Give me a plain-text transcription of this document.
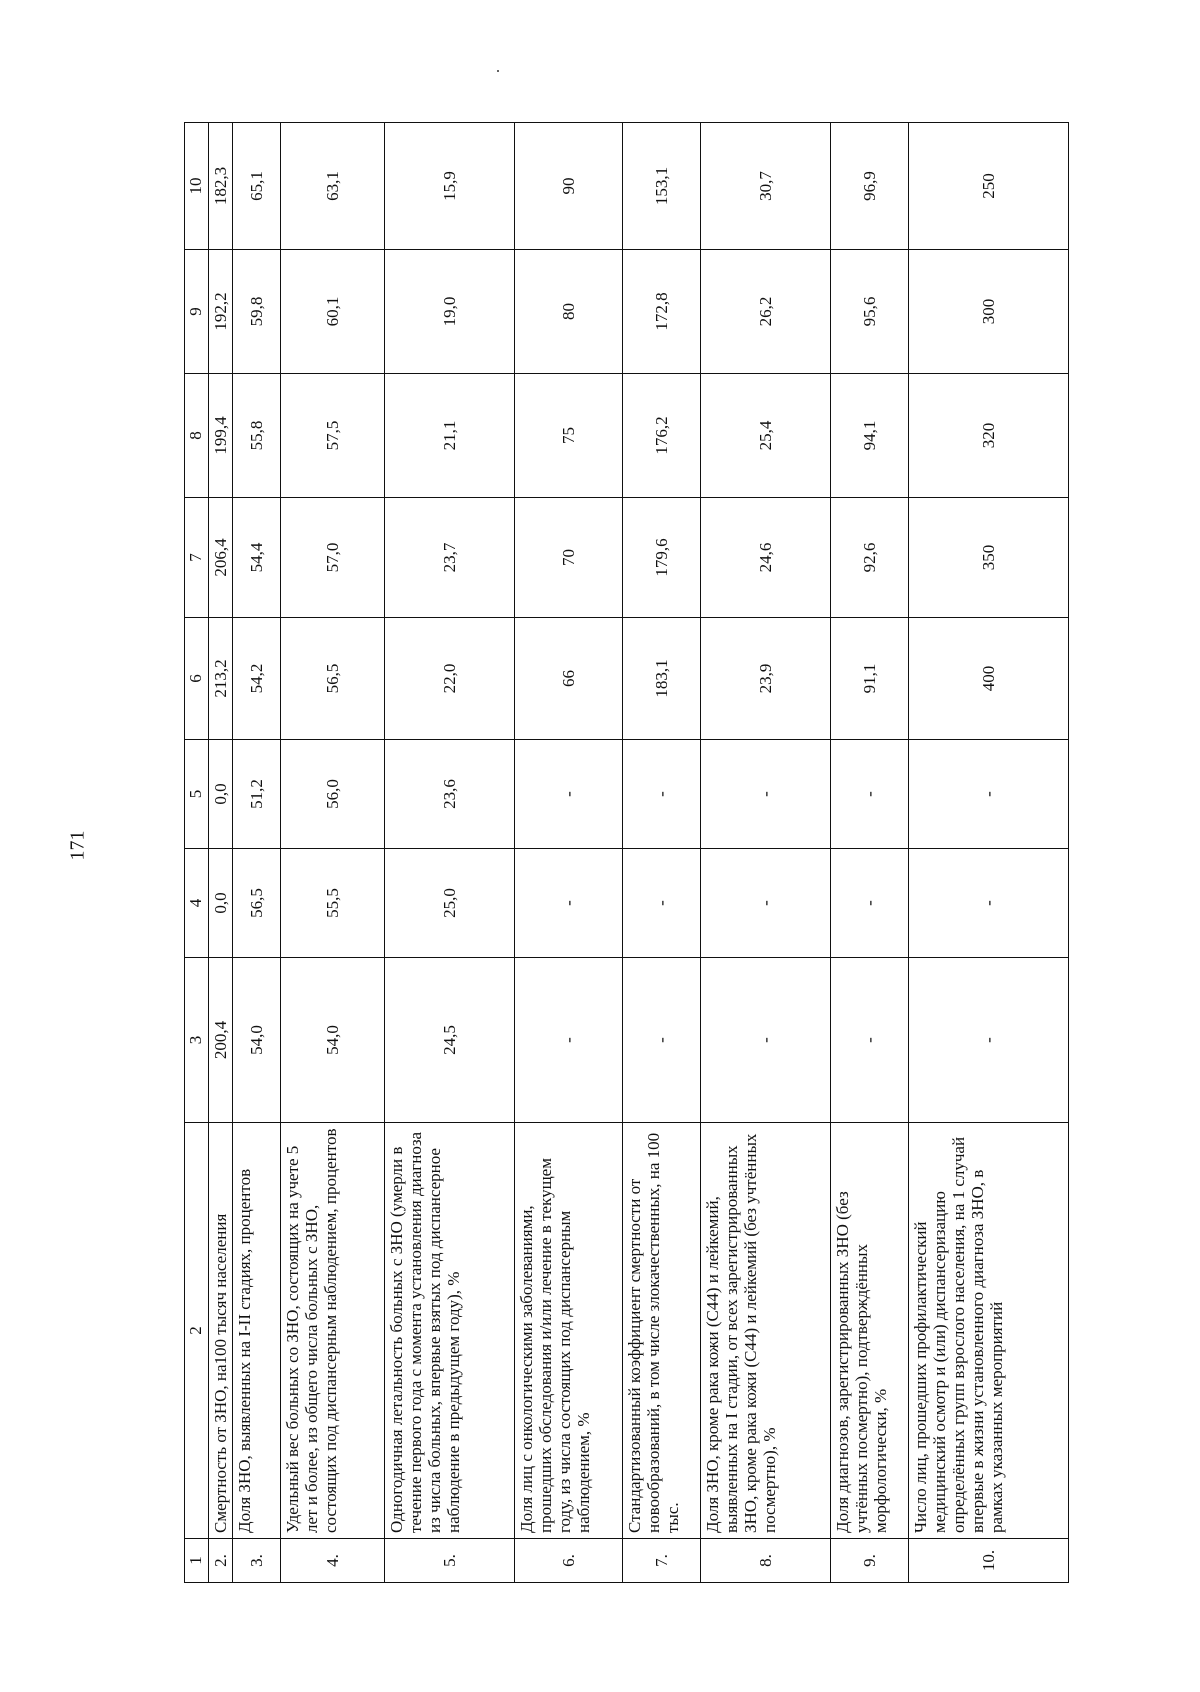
171
1	2	3	4	5	6	7	8	9	10
2.	Смертность от ЗНО, на100 тысяч населения	200,4	0,0	0,0	213,2	206,4	199,4	192,2	182,3
3.	Доля ЗНО, выявленных на I-II стадиях, процентов	54,0	56,5	51,2	54,2	54,4	55,8	59,8	65,1
4.	Удельный вес больных со ЗНО, состоящих на учете 5 лет и более, из общего числа больных с ЗНО, состоящих под диспансерным наблюдением, процентов	54,0	55,5	56,0	56,5	57,0	57,5	60,1	63,1
5.	Одногодичная летальность больных с ЗНО (умерли в течение первого года с момента установления диагноза из числа больных, впервые взятых под диспансерное наблюдение в предыдущем году), %	24,5	25,0	23,6	22,0	23,7	21,1	19,0	15,9
6.	Доля лиц с онкологическими заболеваниями, прошедших обследования и/или лечение в текущем году, из числа состоящих под диспансерным наблюдением, %	-	-	-	66	70	75	80	90
7.	Стандартизованный коэффициент смертности от новообразований, в том числе злокачественных, на 100 тыс.	-	-	-	183,1	179,6	176,2	172,8	153,1
8.	Доля ЗНО, кроме рака кожи (С44) и лейкемий, выявленных на I стадии, от всех зарегистрированных ЗНО, кроме рака кожи (С44) и лейкемий (без учтённых посмертно), %	-	-	-	23,9	24,6	25,4	26,2	30,7
9.	Доля диагнозов, зарегистрированных ЗНО (без учтённых посмертно), подтверждённых морфологически, %	-	-	-	91,1	92,6	94,1	95,6	96,9
10.	Число лиц, прошедших профилактический медицинский осмотр и (или) диспансеризацию определённых групп взрослого населения, на 1 случай впервые в жизни установленного диагноза ЗНО, в рамках указанных мероприятий	-	-	-	400	350	320	300	250
